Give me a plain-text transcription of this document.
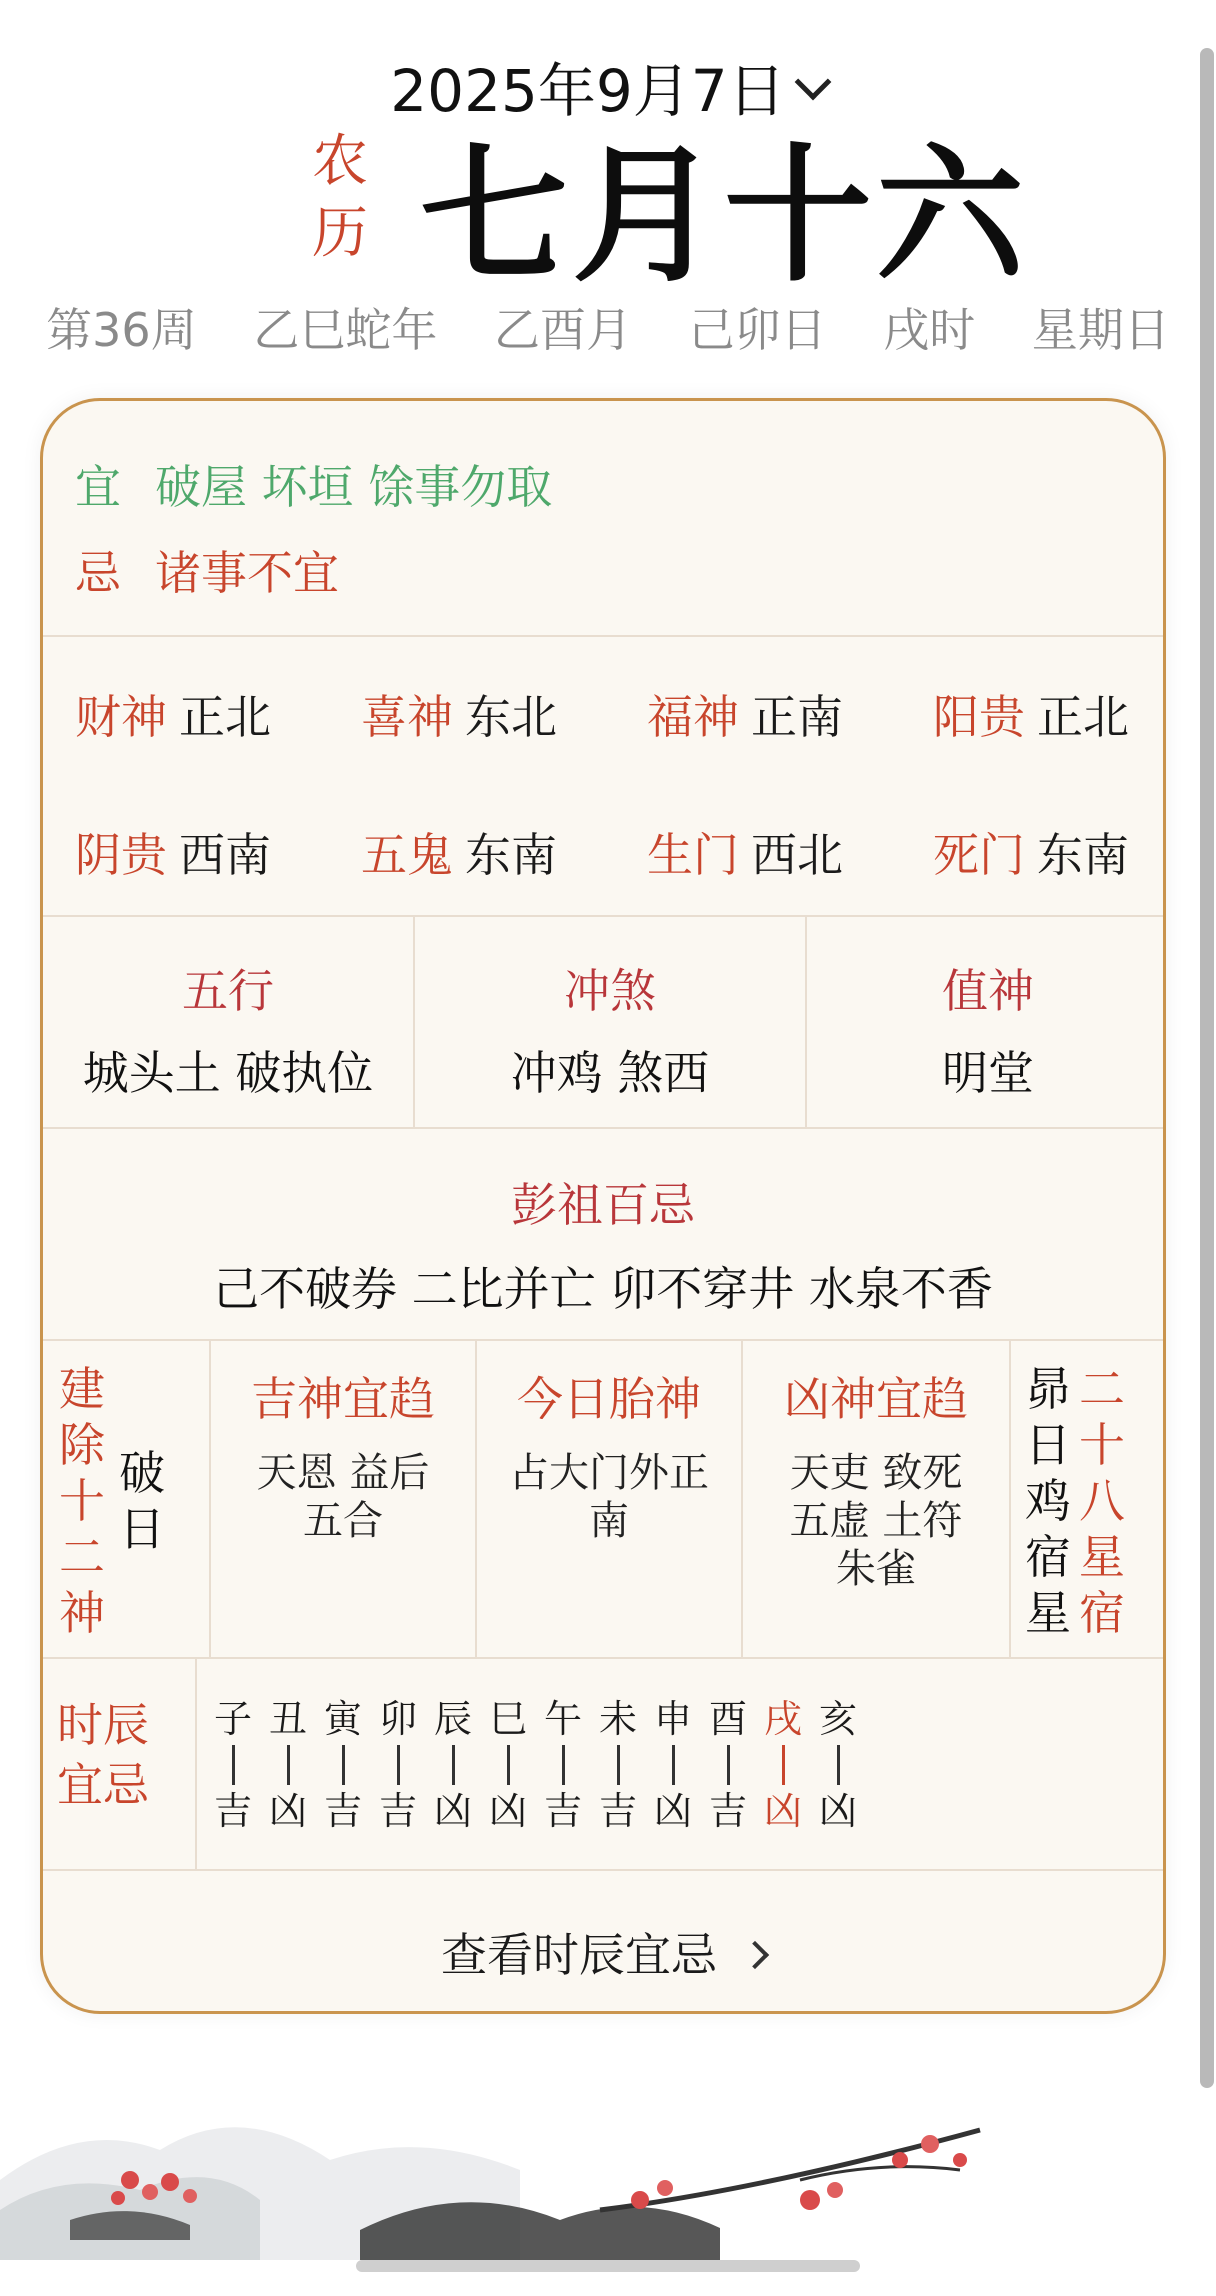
2025年9月7日
农
历 七月十六
第36周 乙巳蛇年 乙酉月 己卯日 戌时 星期日
宜 破屋 坏垣 馀事勿取
忌 诸事不宜
财神 正北 喜神 东北 福神 正南 阳贵 正北
阴贵 西南 五鬼 东南 生门 西北 死门 东南
五行
城头土 破执位
冲煞
冲鸡 煞西
值神
明堂
彭祖百忌
己不破券 二比并亡 卯不穿井 水泉不香
建
除
十
二
神
破
日
吉神宜趋
天恩 益后
五合
今日胎神
占大门外正
南
凶神宜趋
天吏 致死
五虚 土符
朱雀
昴
日
鸡
宿
星
二
十
八
星
宿
时辰
宜忌
子
吉
丑
凶
寅
吉
卯
吉
辰
凶
巳
凶
午
吉
未
吉
申
凶
酉
吉
戌
凶
亥
凶
查看时辰宜忌
